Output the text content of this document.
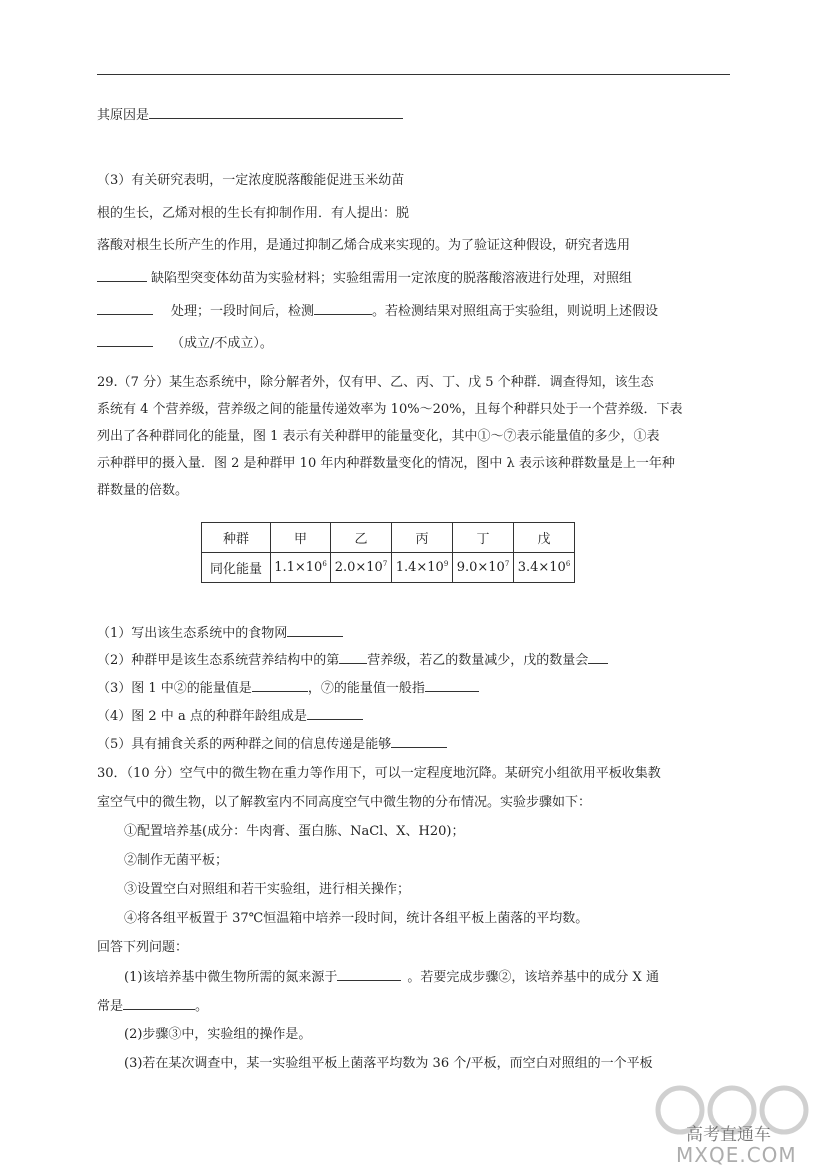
其原因是
（3）有关研究表明，一定浓度脱落酸能促进玉米幼苗
根的生长，乙烯对根的生长有抑制作用．有人提出：脱
落酸对根生长所产生的作用，是通过抑制乙烯合成来实现的。为了验证这种假设，研究者选用
缺陷型突变体幼苗为实验材料；实验组需用一定浓度的脱落酸溶液进行处理，对照组
处理；一段时间后，检测	。若检测结果对照组高于实验组，则说明上述假设
（成立/不成立）。
29.（7 分）某生态系统中，除分解者外，仅有甲、乙、丙、丁、戊 5 个种群．调查得知，该生态
系统有 4 个营养级，营养级之间的能量传递效率为 10%～20%，且每个种群只处于一个营养级．下表
列出了各种群同化的能量，图 1 表示有关种群甲的能量变化，其中①～⑦表示能量值的多少，①表
示种群甲的摄入量．图 2 是种群甲 10 年内种群数量变化的情况，图中 λ 表示该种群数量是上一年种
群数量的倍数。
种群	甲	乙	丙	丁	戊
同化能量	$1.1\times 10^6$	$2.0\times 10^7$	$1.4\times 10^9$	$9.0\times 10^7$	$3.4\times 10^6$
（1）写出该生态系统中的食物网
（2）种群甲是该生态系统营养结构中的第 营养级，若乙的数量减少，戊的数量会
（3）图 1 中②的能量值是	，⑦的能量值一般指
（4）图 2 中 a 点的种群年龄组成是
（5）具有捕食关系的两种群之间的信息传递是能够
30．（10 分）空气中的微生物在重力等作用下，可以一定程度地沉降。某研究小组欲用平板收集教
室空气中的微生物，以了解教室内不同高度空气中微生物的分布情况。实验步骤如下：
①配置培养基(成分：牛肉膏、蛋白胨、NaCl、X、H20)；
②制作无菌平板；
③设置空白对照组和若干实验组，进行相关操作；
④将各组平板置于 37℃恒温箱中培养一段时间，统计各组平板上菌落的平均数。
回答下列问题：
(1)该培养基中微生物所需的氮来源于	。若要完成步骤②，该培养基中的成分 X 通
常是	。
(2)步骤③中，实验组的操作是。
(3)若在某次调查中，某一实验组平板上菌落平均数为 36 个/平板，而空白对照组的一个平板
高考直通车
MXQE.COM
